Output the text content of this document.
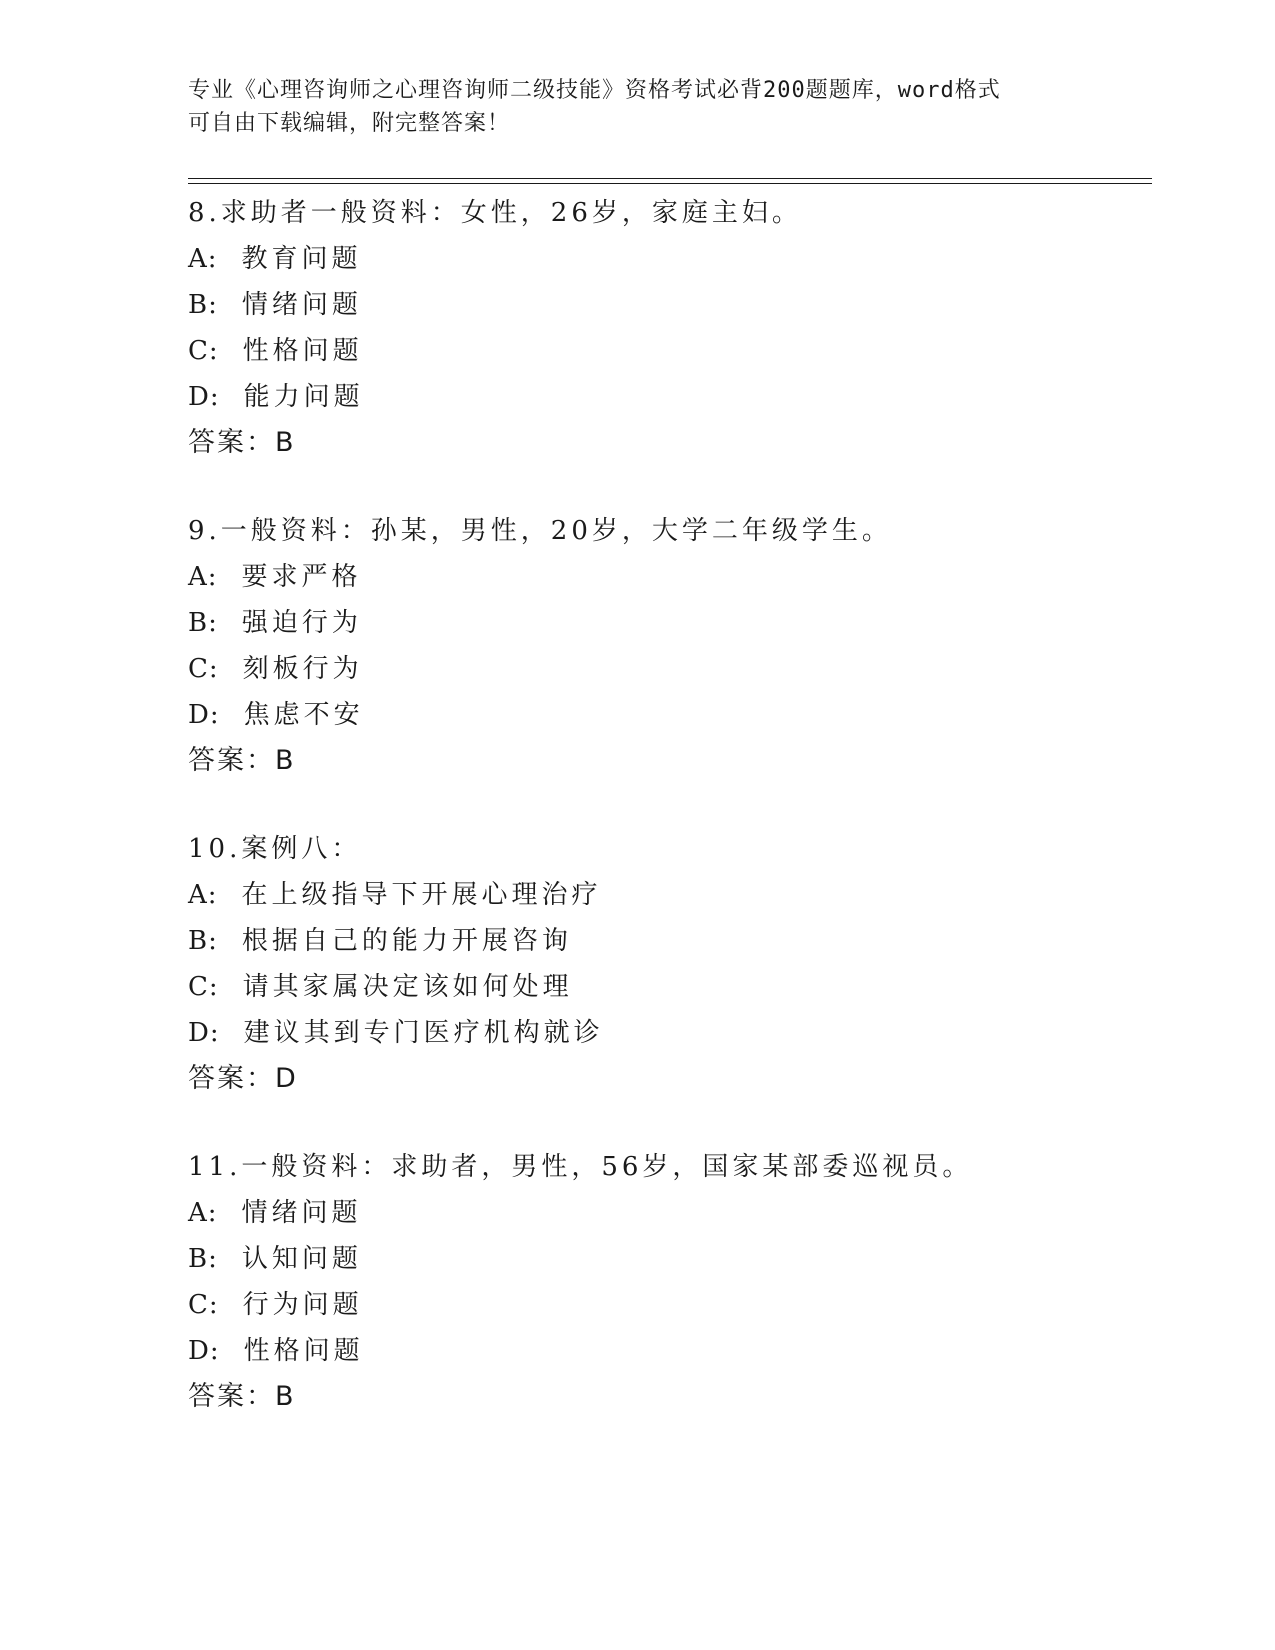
专业《心理咨询师之心理咨询师二级技能》资格考试必背200题题库，word格式
可自由下载编辑，附完整答案！
8.求助者一般资料：女性，26岁，家庭主妇。
A: 教育问题
B: 情绪问题
C: 性格问题
D: 能力问题
答案：B
9.一般资料：孙某，男性，20岁，大学二年级学生。
A: 要求严格
B: 强迫行为
C: 刻板行为
D: 焦虑不安
答案：B
10.案例八：
A: 在上级指导下开展心理治疗
B: 根据自己的能力开展咨询
C: 请其家属决定该如何处理
D: 建议其到专门医疗机构就诊
答案：D
11.一般资料：求助者，男性，56岁，国家某部委巡视员。
A: 情绪问题
B: 认知问题
C: 行为问题
D: 性格问题
答案：B
